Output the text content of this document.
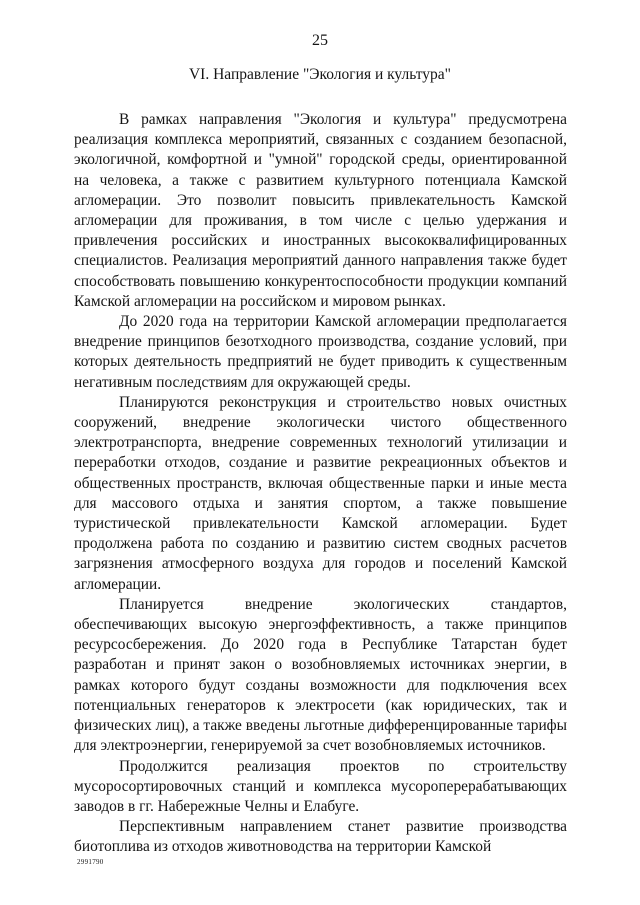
25
VI. Направление "Экология и культура"

В рамках направления "Экология и культура" предусмотрена реализация комплекса мероприятий, связанных с созданием безопасной, экологичной, комфортной и "умной" городской среды, ориентированной на человека, а также с развитием культурного потенциала Камской агломерации. Это позволит повысить привлекательность Камской агломерации для проживания, в том числе с целью удержания и привлечения российских и иностранных высококвалифицированных специалистов. Реализация мероприятий данного направления также будет способствовать повышению конкурентоспособности продукции компаний Камской агломерации на российском и мировом рынках.

До 2020 года на территории Камской агломерации предполагается внедрение принципов безотходного производства, создание условий, при которых деятельность предприятий не будет приводить к существенным негативным последствиям для окружающей среды.

Планируются реконструкция и строительство новых очистных сооружений, внедрение экологически чистого общественного электротранспорта, внедрение современных технологий утилизации и переработки отходов, создание и развитие рекреационных объектов и общественных пространств, включая общественные парки и иные места для массового отдыха и занятия спортом, а также повышение туристической привлекательности Камской агломерации. Будет продолжена работа по созданию и развитию систем сводных расчетов загрязнения атмосферного воздуха для городов и поселений Камской агломерации.

Планируется внедрение экологических стандартов, обеспечивающих высокую энергоэффективность, а также принципов ресурсосбережения. До 2020 года в Республике Татарстан будет разработан и принят закон о возобновляемых источниках энергии, в рамках которого будут созданы возможности для подключения всех потенциальных генераторов к электросети (как юридических, так и физических лиц), а также введены льготные дифференцированные тарифы для электроэнергии, генерируемой за счет возобновляемых источников.

Продолжится реализация проектов по строительству мусоросортировочных станций и комплекса мусороперерабатывающих заводов в гг. Набережные Челны и Елабуге.

Перспективным направлением станет развитие производства биотоплива из отходов животноводства на территории Камской

2991790
